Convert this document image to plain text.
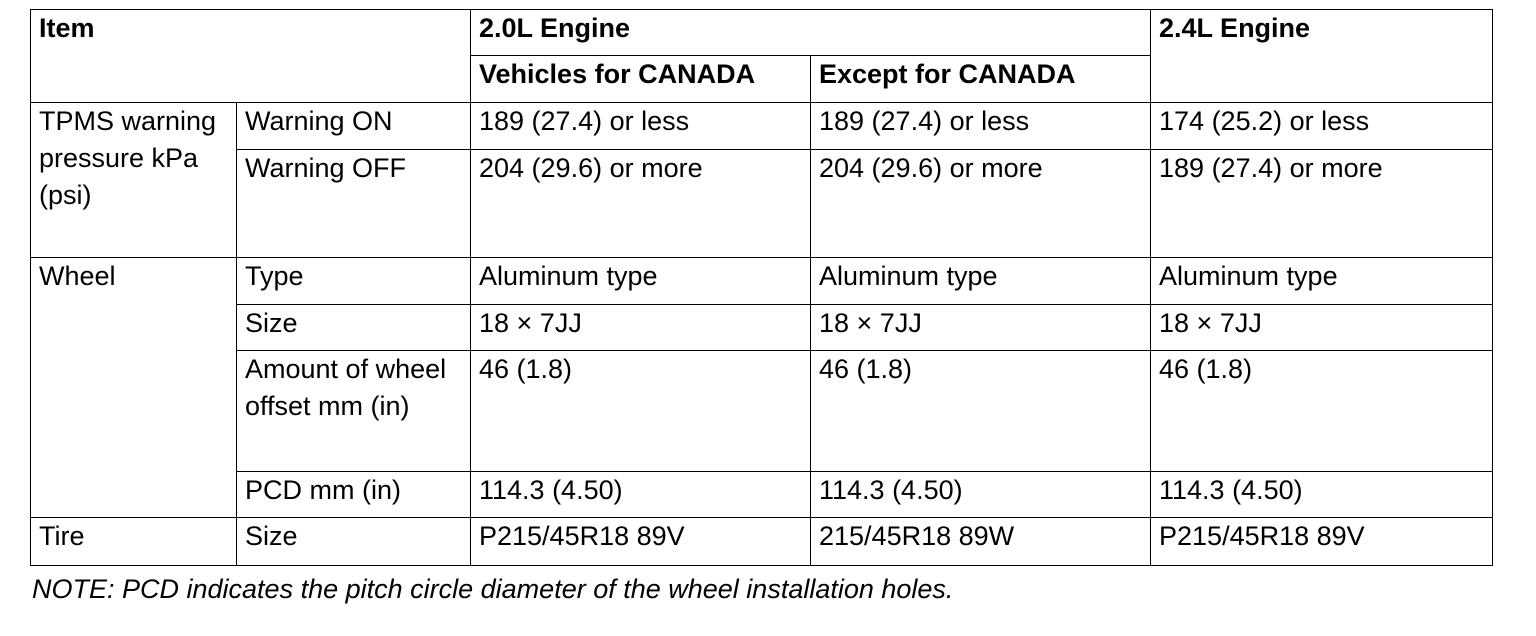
Item		2.0L Engine		2.4L Engine
		Vehicles for CANADA	Except for CANADA	
TPMS warning pressure kPa (psi)	Warning ON	189 (27.4) or less	189 (27.4) or less	174 (25.2) or less
	Warning OFF	204 (29.6) or more	204 (29.6) or more	189 (27.4) or more
Wheel	Type	Aluminum type	Aluminum type	Aluminum type
	Size	18 × 7JJ	18 × 7JJ	18 × 7JJ
	Amount of wheel offset mm (in)	46 (1.8)	46 (1.8)	46 (1.8)
	PCD mm (in)	114.3 (4.50)	114.3 (4.50)	114.3 (4.50)
Tire	Size	P215/45R18 89V	215/45R18 89W	P215/45R18 89V
NOTE: PCD indicates the pitch circle diameter of the wheel installation holes.
